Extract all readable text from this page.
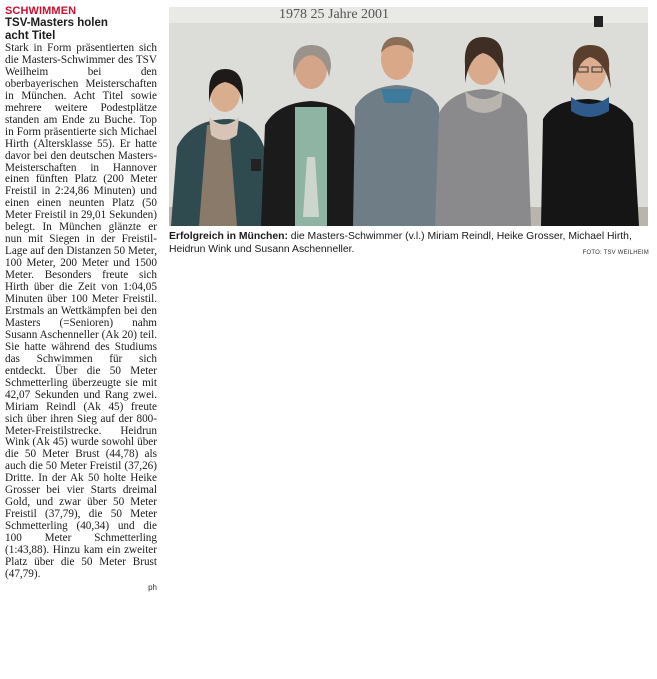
SCHWIMMEN
TSV-Masters holen
acht Titel

Stark in Form präsentierten sich die Masters-Schwimmer des TSV Weilheim bei den oberbayerischen Meisterschaften in München. Acht Titel sowie mehrere weitere Podestplätze standen am Ende zu Buche. Top in Form präsentierte sich Michael Hirth (Altersklasse 55). Er hatte davor bei den deutschen Masters-Meisterschaften in Hannover einen fünften Platz (200 Meter Freistil in 2:24,86 Minuten) und einen einen neunten Platz (50 Meter Freistil in 29,01 Sekunden) belegt. In München glänzte er nun mit Siegen in der Freistil-Lage auf den Distanzen 50 Meter, 100 Meter, 200 Meter und 1500 Meter. Besonders freute sich Hirth über die Zeit von 1:04,05 Minuten über 100 Meter Freistil. Erstmals an Wettkämpfen bei den Masters (=Senioren) nahm Susann Aschenneller (Ak 20) teil. Sie hatte während des Studiums das Schwimmen für sich entdeckt. Über die 50 Meter Schmetterling überzeugte sie mit 42,07 Sekunden und Rang zwei. Miriam Reindl (Ak 45) freute sich über ihren Sieg auf der 800-Meter-Freistilstrecke. Heidrun Wink (Ak 45) wurde sowohl über die 50 Meter Brust (44,78) als auch die 50 Meter Freistil (37,26) Dritte. In der Ak 50 holte Heike Grosser bei vier Starts dreimal Gold, und zwar über 50 Meter Freistil (37,79), die 50 Meter Schmetterling (40,34) und die 100 Meter Schmetterling (1:43,88). Hinzu kam ein zweiter Platz über die 50 Meter Brust (47,79).

ph
1978 25 Jahre 2001
Erfolgreich in München: die Masters-Schwimmer (v.l.) Miriam Reindl, Heike Grosser, Michael Hirth, Heidrun Wink und Susann Aschenneller.	FOTO: TSV WEILHEIM
